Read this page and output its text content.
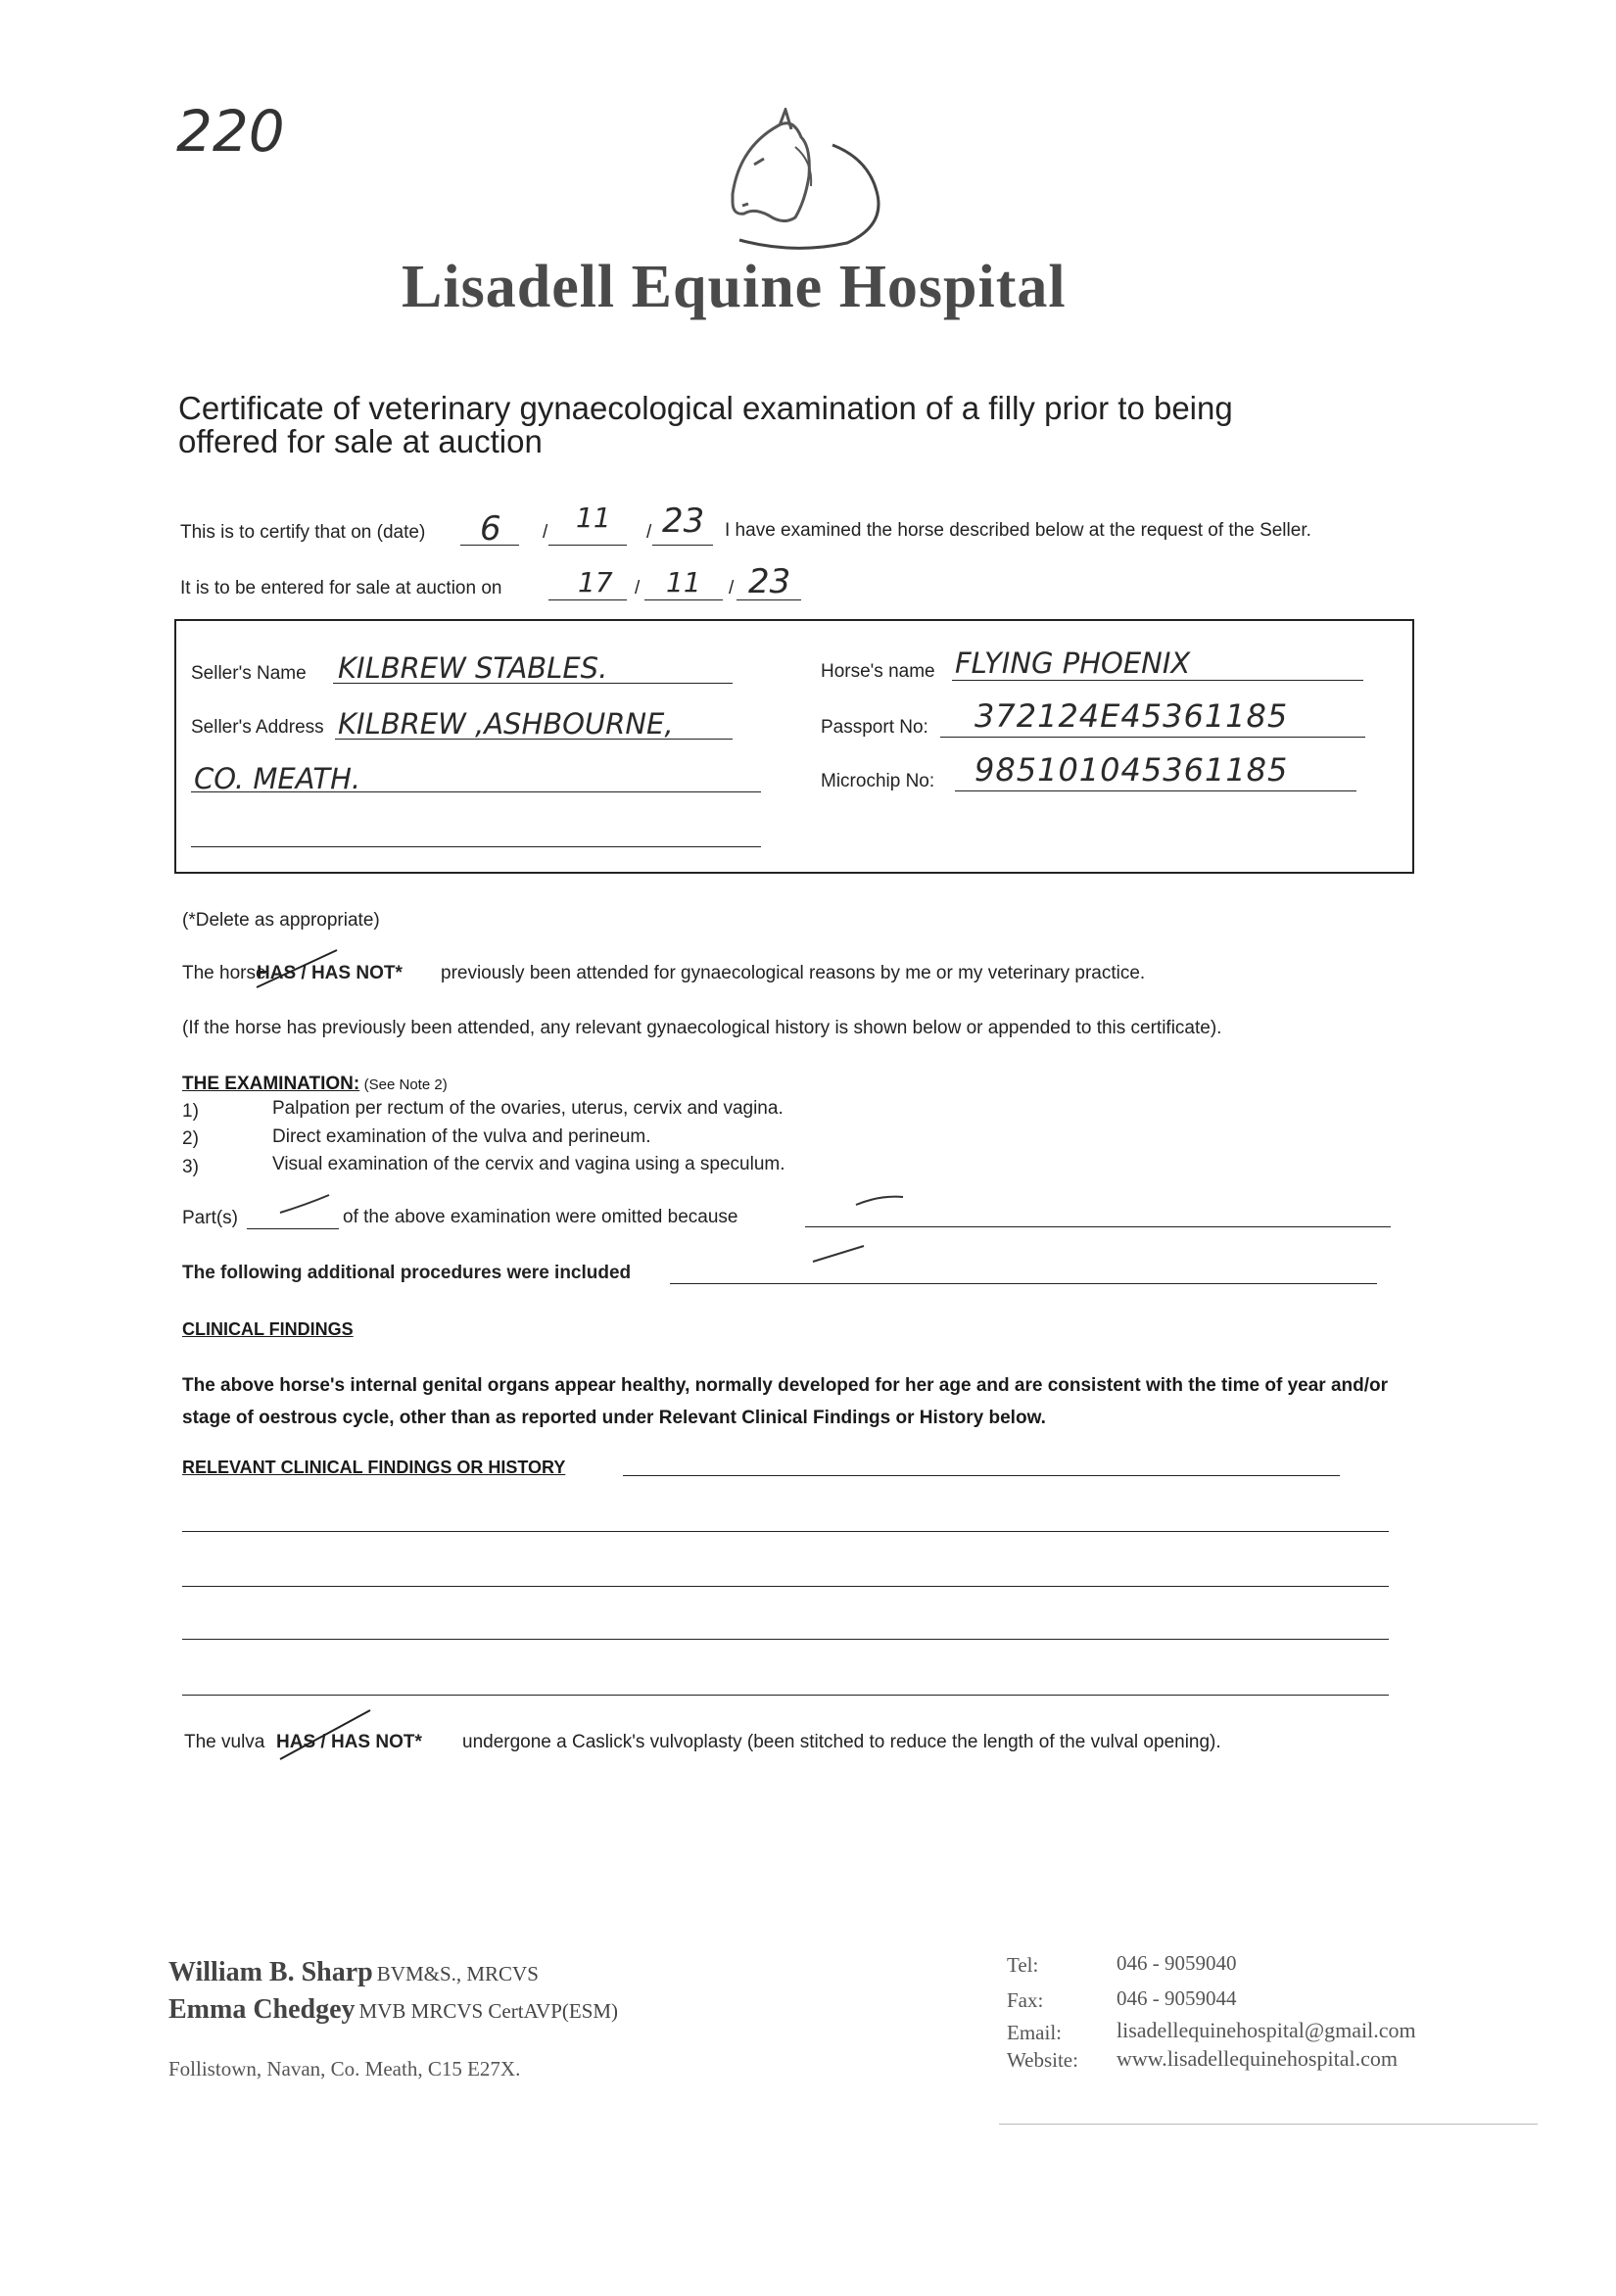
220
Lisadell Equine Hospital
Certificate of veterinary gynaecological examination of a filly prior to being
offered for sale at auction
This is to certify that on (date) 6 / 11 / 23 I have examined the horse described below at the request of the Seller.
It is to be entered for sale at auction on	17 / 11 / 23
Seller's Name KILBREW STABLES.
Seller's Address KILBREW ,ASHBOURNE,
CO. MEATH.
Horse's name FLYING PHOENIX
Passport No: 372124E45361185
Microchip No: 985101045361185
(*Delete as appropriate)
The horse
HAS / HAS NOT* previously been attended for gynaecological reasons by me or my veterinary practice.
(If the horse has previously been attended, any relevant gynaecological history is shown below or appended to this certificate).
THE EXAMINATION: (See Note 2)
1)	Palpation per rectum of the ovaries, uterus, cervix and vagina.
2)	Direct examination of the vulva and perineum.
3)	Visual examination of the cervix and vagina using a speculum.
Part(s)	of the above examination were omitted because
The following additional procedures were included
CLINICAL FINDINGS
The above horse's internal genital organs appear healthy, normally developed for her age and are consistent with the time of year and/or stage of oestrous cycle, other than as reported under Relevant Clinical Findings or History below.
RELEVANT CLINICAL FINDINGS OR HISTORY
The vulva HAS / HAS NOT* undergone a Caslick's vulvoplasty (been stitched to reduce the length of the vulval opening).
William B. Sharp BVM&S., MRCVS
Emma Chedgey MVB MRCVS CertAVP(ESM)
Follistown, Navan, Co. Meath, C15 E27X.
Tel:	046 - 9059040
Fax:	046 - 9059044
Email:	lisadellequinehospital@gmail.com
Website: www.lisadellequinehospital.com
